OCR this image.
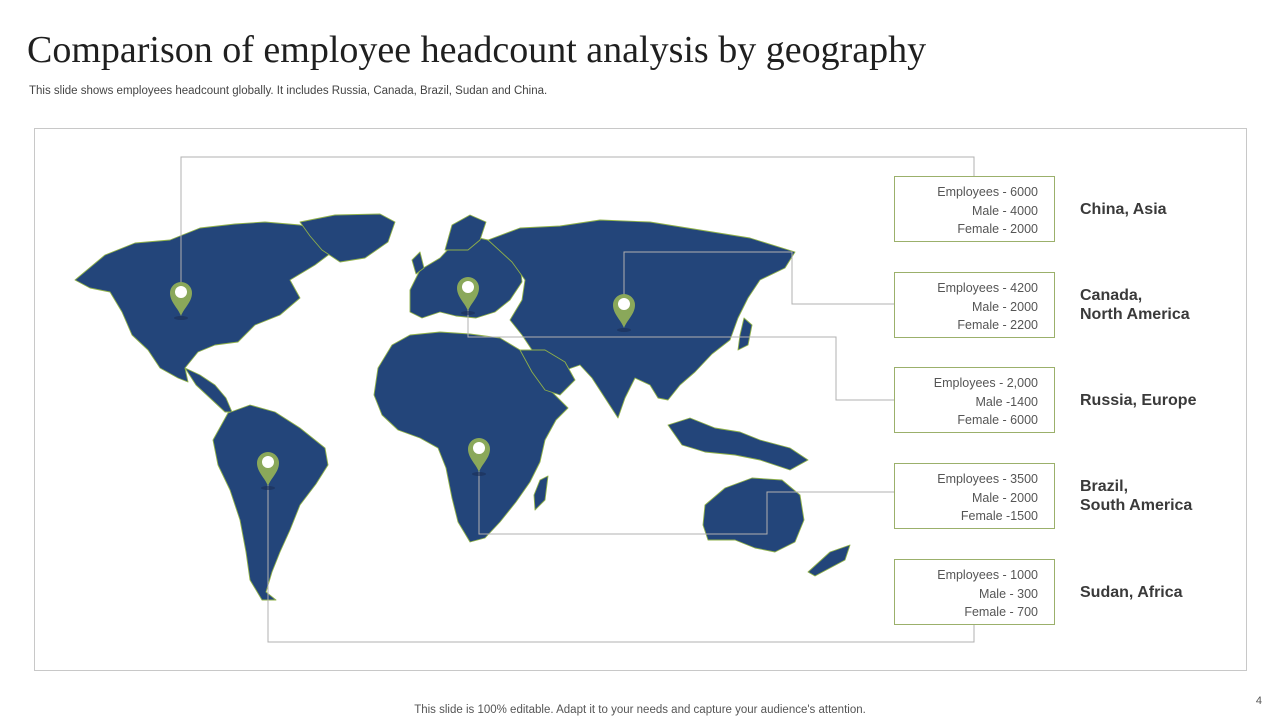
Comparison of employee headcount analysis by geography
This slide shows employees headcount globally. It includes Russia, Canada, Brazil, Sudan and China.
Employees - 6000
Male - 4000
Female - 2000
Employees - 4200
Male - 2000
Female - 2200
Employees - 2,000
Male -1400
Female - 6000
Employees - 3500
Male - 2000
Female -1500
Employees - 1000
Male - 300
Female - 700
China, Asia
Canada,
North America
Russia, Europe
Brazil,
South America
Sudan, Africa
This slide is 100% editable. Adapt it to your needs and capture your audience's attention.
4
